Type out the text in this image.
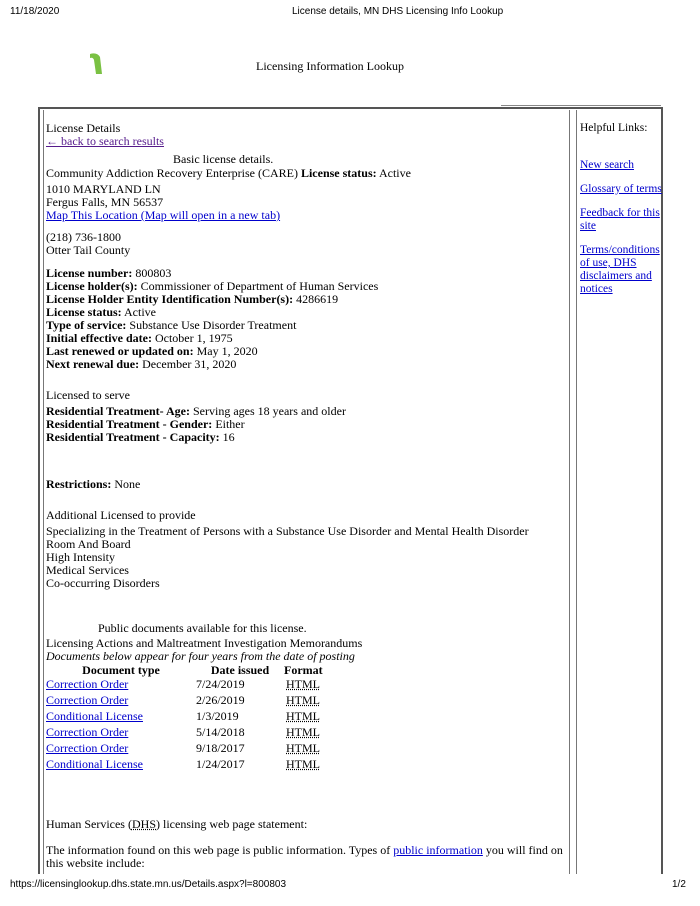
11/18/2020	License details, MN DHS Licensing Info Lookup
Licensing Information Lookup
License Details
← back to search results
Basic license details.
Community Addiction Recovery Enterprise (CARE) License status: Active
1010 MARYLAND LN
Fergus Falls, MN 56537
Map This Location (Map will open in a new tab)
(218) 736-1800
Otter Tail County
License number: 800803
License holder(s): Commissioner of Department of Human Services
License Holder Entity Identification Number(s): 4286619
License status: Active
Type of service: Substance Use Disorder Treatment
Initial effective date: October 1, 1975
Last renewed or updated on: May 1, 2020
Next renewal due: December 31, 2020
Licensed to serve
Residential Treatment- Age: Serving ages 18 years and older
Residential Treatment - Gender: Either
Residential Treatment - Capacity: 16
Restrictions: None
Additional Licensed to provide
Specializing in the Treatment of Persons with a Substance Use Disorder and Mental Health Disorder
Room And Board
High Intensity
Medical Services
Co-occurring Disorders
Public documents available for this license.
Licensing Actions and Maltreatment Investigation Memorandums
Documents below appear for four years from the date of posting
Document type	Date issued	Format
Correction Order	7/24/2019	HTML
Correction Order	2/26/2019	HTML
Conditional License	1/3/2019	HTML
Correction Order	5/14/2018	HTML
Correction Order	9/18/2017	HTML
Conditional License	1/24/2017	HTML
Human Services (DHS) licensing web page statement:
The information found on this web page is public information. Types of public information you will find on this website include:
Helpful Links:
New search
Glossary of terms
Feedback for this site
Terms/conditions of use, DHS disclaimers and notices
https://licensinglookup.dhs.state.mn.us/Details.aspx?l=800803	1/2
